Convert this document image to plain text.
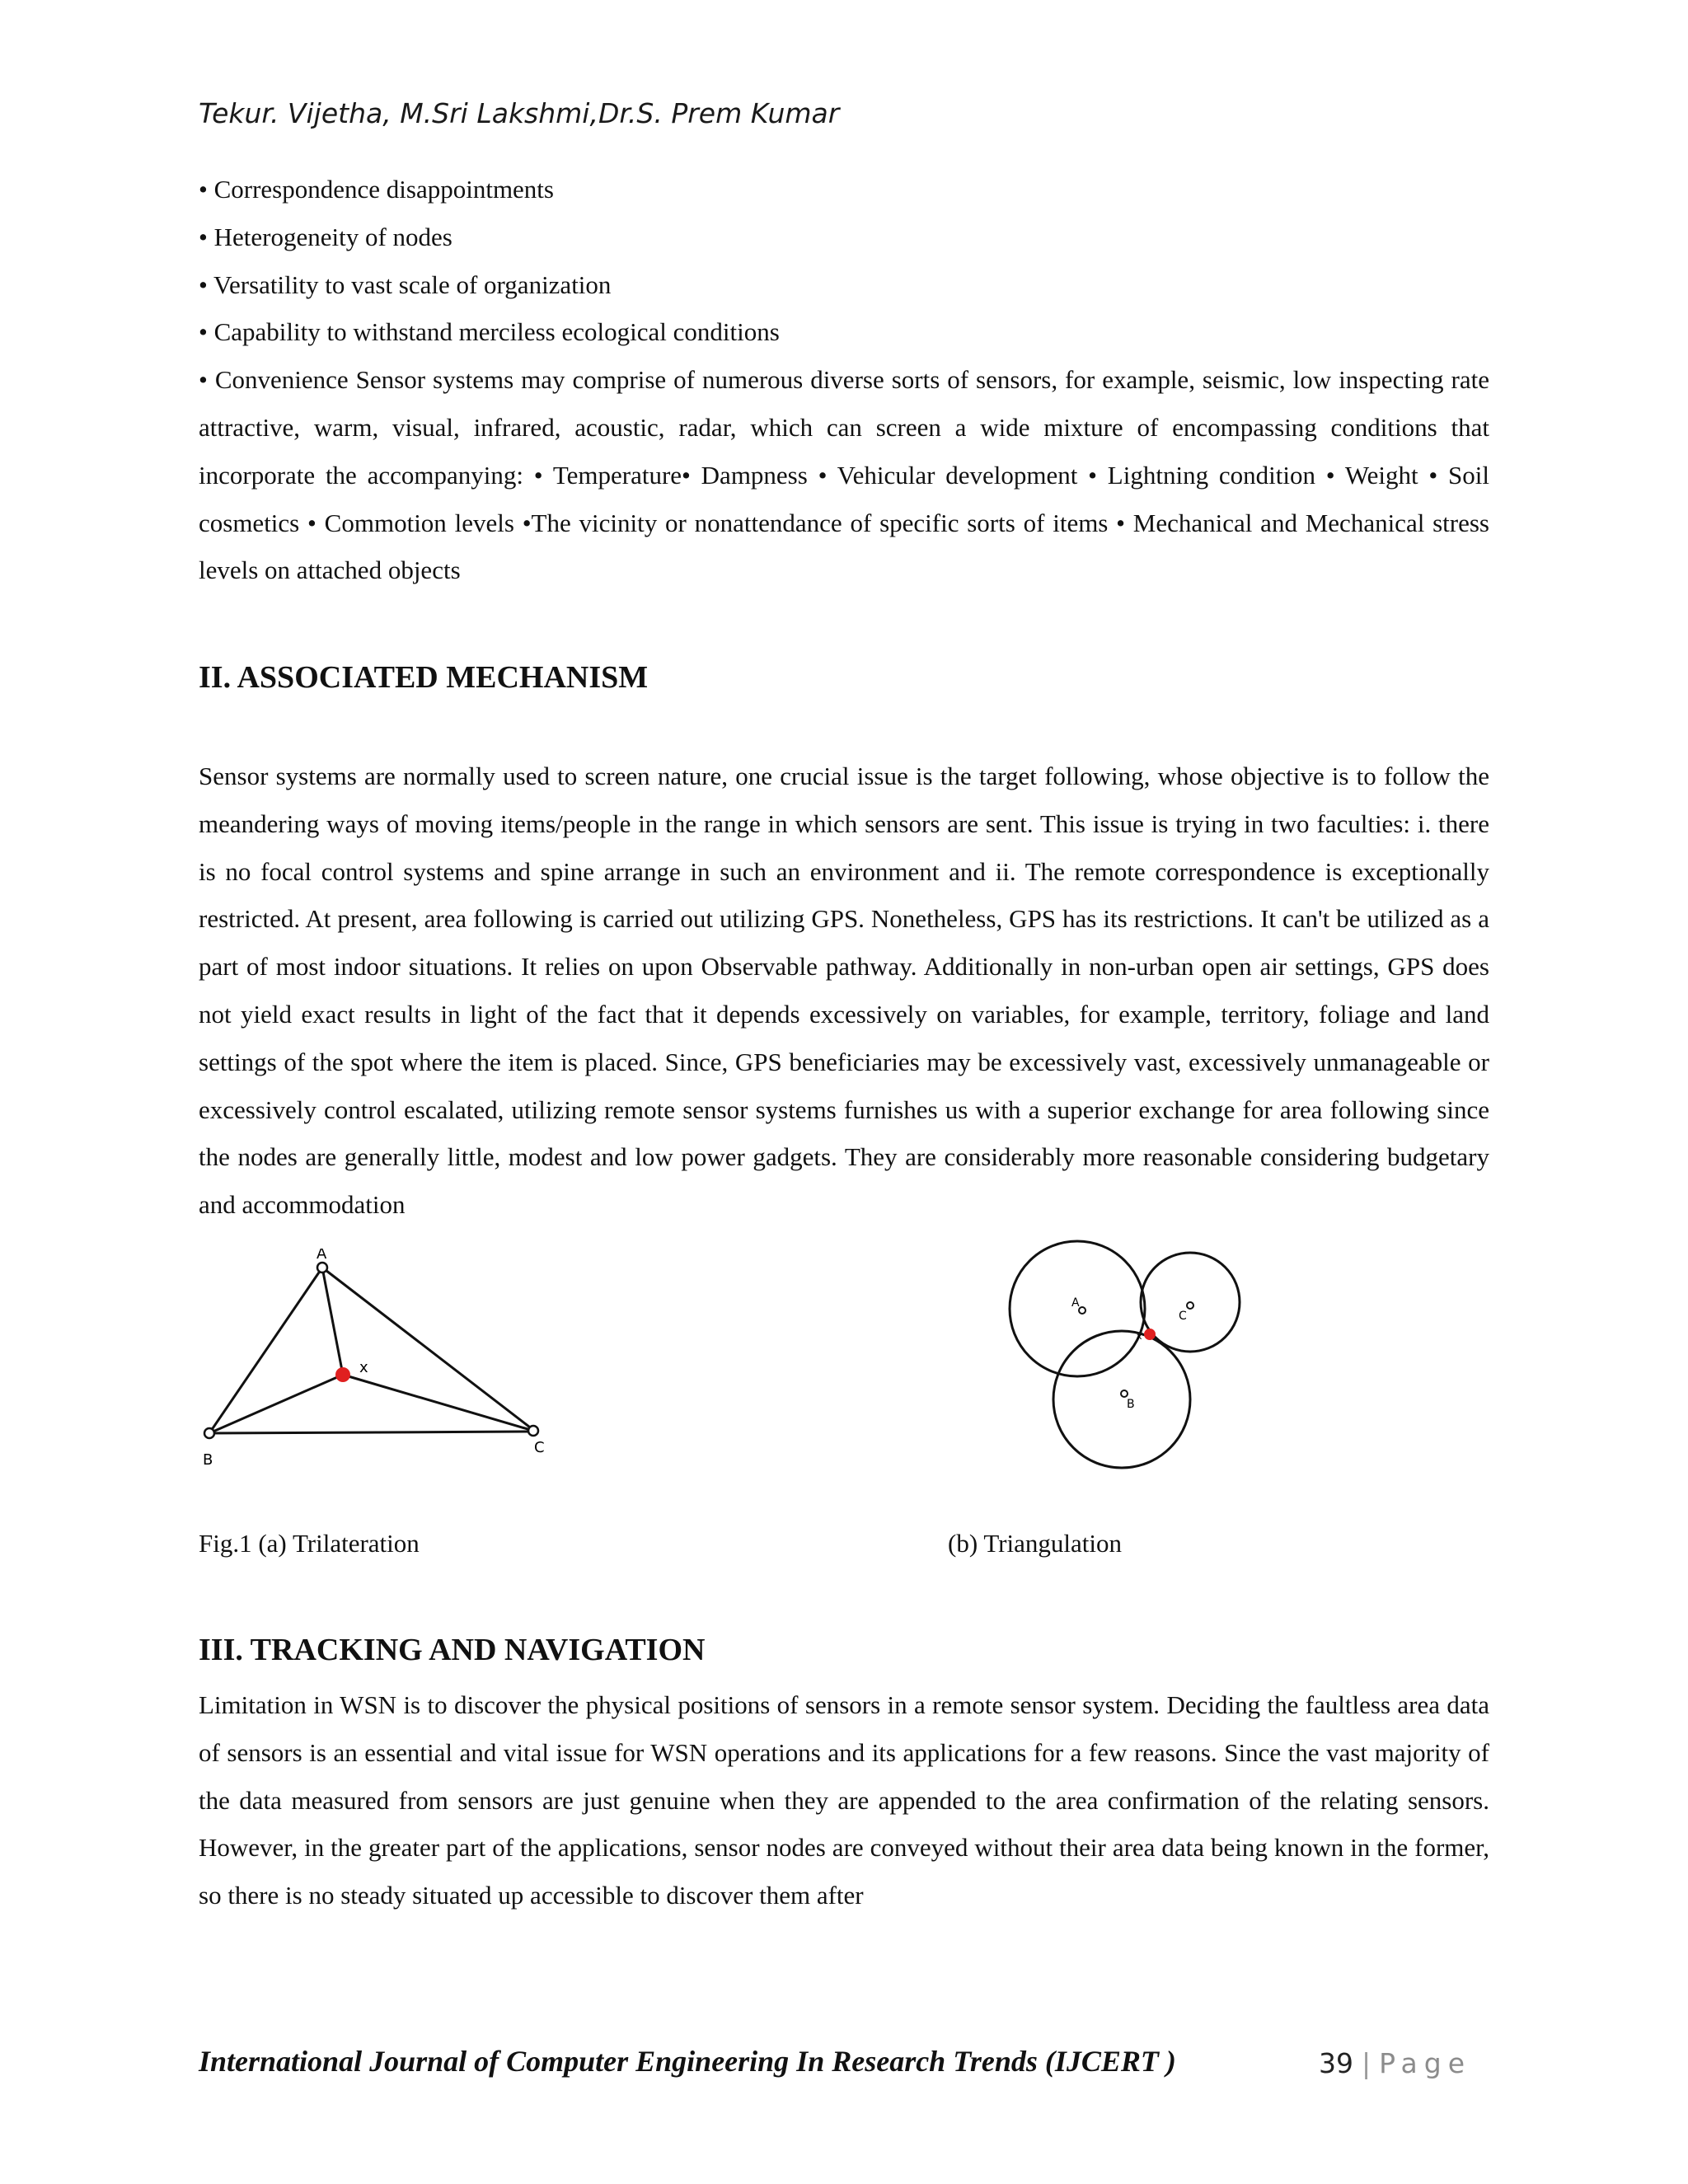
Tekur. Vijetha, M.Sri Lakshmi,Dr.S. Prem Kumar
• Correspondence disappointments
• Heterogeneity of nodes
• Versatility to vast scale of organization
• Capability to withstand merciless ecological conditions
• Convenience Sensor systems may comprise of numerous diverse sorts of sensors, for example, seismic, low inspecting rate attractive, warm, visual, infrared, acoustic, radar, which can screen a wide mixture of encompassing conditions that incorporate the accompanying: • Temperature• Dampness • Vehicular development • Lightning condition • Weight • Soil cosmetics • Commotion levels •The vicinity or nonattendance of specific sorts of items • Mechanical and Mechanical stress levels on attached objects
II. ASSOCIATED MECHANISM

Sensor systems are normally used to screen nature, one crucial issue is the target following, whose objective is to follow the meandering ways of moving items/people in the range in which sensors are sent. This issue is trying in two faculties: i. there is no focal control systems and spine arrange in such an environment and ii. The remote correspondence is exceptionally restricted. At present, area following is carried out utilizing GPS. Nonetheless, GPS has its restrictions. It can't be utilized as a part of most indoor situations. It relies on upon Observable pathway. Additionally in non-urban open air settings, GPS does not yield exact results in light of the fact that it depends excessively on variables, for example, territory, foliage and land settings of the spot where the item is placed. Since, GPS beneficiaries may be excessively vast, excessively unmanageable or excessively control escalated, utilizing remote sensor systems furnishes us with a superior exchange for area following since the nodes are generally little, modest and low power gadgets. They are considerably more reasonable considering budgetary and accommodation

A
B
C
x
A
C
B
x
Fig.1 (a) Trilateration	(b) Triangulation
III. TRACKING AND NAVIGATION

Limitation in WSN is to discover the physical positions of sensors in a remote sensor system. Deciding the faultless area data of sensors is an essential and vital issue for WSN operations and its applications for a few reasons. Since the vast majority of the data measured from sensors are just genuine when they are appended to the area confirmation of the relating sensors. However, in the greater part of the applications, sensor nodes are conveyed without their area data being known in the former, so there is no steady situated up accessible to discover them after

International Journal of Computer Engineering In Research Trends (IJCERT )	39 | Page
